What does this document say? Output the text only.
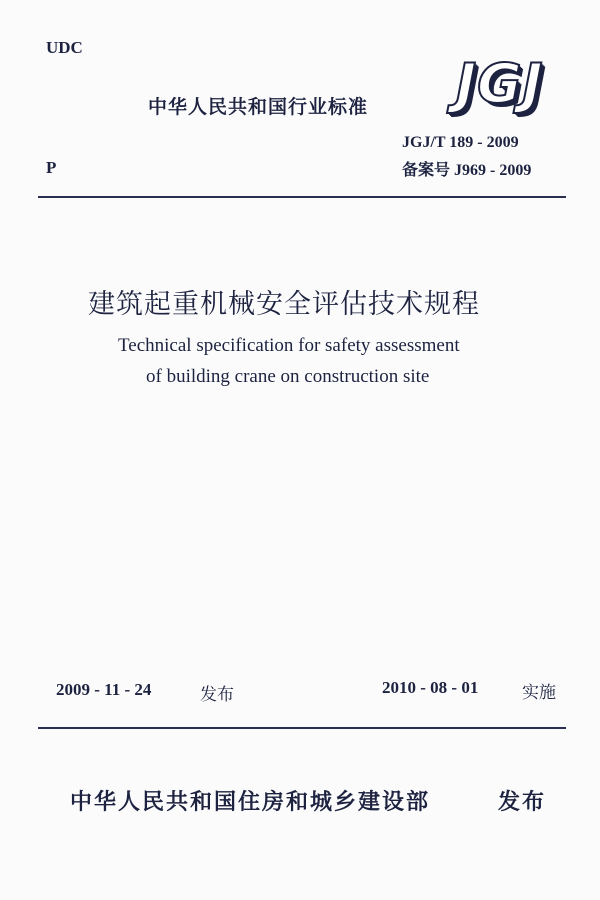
UDC
中华人民共和国行业标准 JGJ
JGJ/T 189 - 2009
P	备案号 J969 - 2009
建筑起重机械安全评估技术规程
Technical specification for safety assessment
of building crane on construction site
2009 - 11 - 24	发布	2010 - 08 - 01	实施
中华人民共和国住房和城乡建设部	发布
